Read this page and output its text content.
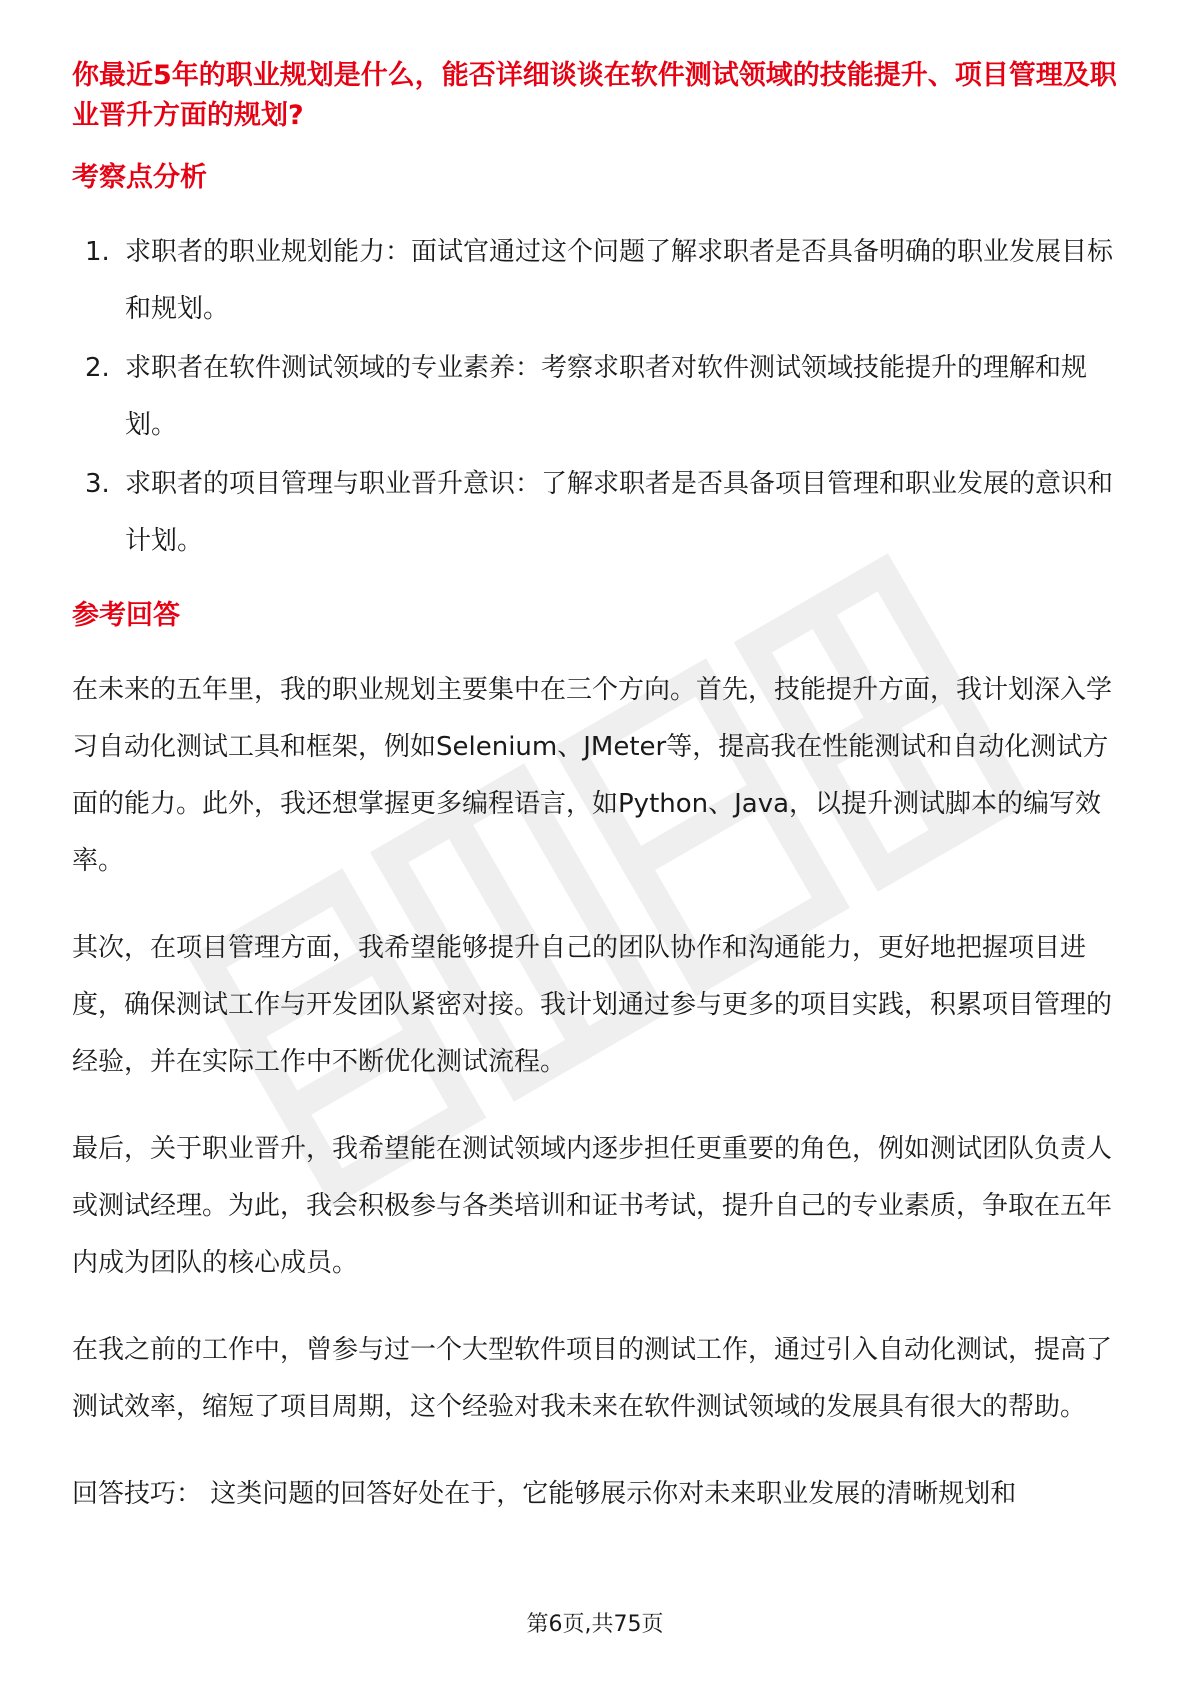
你最近5年的职业规划是什么，能否详细谈谈在软件测试领域的技能提升、项目管理及职业晋升方面的规划?

考察点分析
1. 求职者的职业规划能力：面试官通过这个问题了解求职者是否具备明确的职业发展目标和规划。
2. 求职者在软件测试领域的专业素养：考察求职者对软件测试领域技能提升的理解和规划。
3. 求职者的项目管理与职业晋升意识：了解求职者是否具备项目管理和职业发展的意识和计划。
参考回答

在未来的五年里，我的职业规划主要集中在三个方向。首先，技能提升方面，我计划深入学习自动化测试工具和框架，例如Selenium、JMeter等，提高我在性能测试和自动化测试方面的能力。此外，我还想掌握更多编程语言，如Python、Java，以提升测试脚本的编写效率。

其次，在项目管理方面，我希望能够提升自己的团队协作和沟通能力，更好地把握项目进度，确保测试工作与开发团队紧密对接。我计划通过参与更多的项目实践，积累项目管理的经验，并在实际工作中不断优化测试流程。

最后，关于职业晋升，我希望能在测试领域内逐步担任更重要的角色，例如测试团队负责人或测试经理。为此，我会积极参与各类培训和证书考试，提升自己的专业素质，争取在五年内成为团队的核心成员。

在我之前的工作中，曾参与过一个大型软件项目的测试工作，通过引入自动化测试，提高了测试效率，缩短了项目周期，这个经验对我未来在软件测试领域的发展具有很大的帮助。

回答技巧： 这类问题的回答好处在于，它能够展示你对未来职业发展的清晰规划和

第6页,共75页
